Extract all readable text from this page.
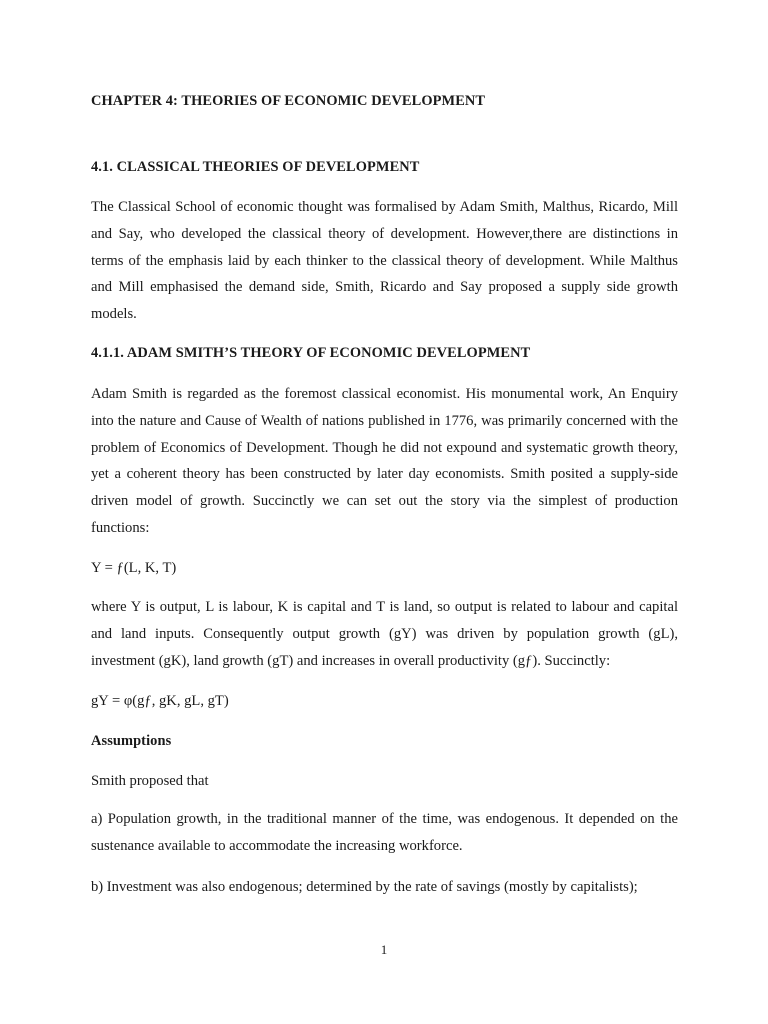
CHAPTER 4: THEORIES OF ECONOMIC DEVELOPMENT
4.1. CLASSICAL THEORIES OF DEVELOPMENT

The Classical School of economic thought was formalised by Adam Smith, Malthus, Ricardo, Mill and Say, who developed the classical theory of development. However,there are distinctions in terms of the emphasis laid by each thinker to the classical theory of development. While Malthus and Mill emphasised the demand side, Smith, Ricardo and Say proposed a supply side growth models.

4.1.1. ADAM SMITH’S THEORY OF ECONOMIC DEVELOPMENT

Adam Smith is regarded as the foremost classical economist. His monumental work, An Enquiry into the nature and Cause of Wealth of nations published in 1776, was primarily concerned with the problem of Economics of Development. Though he did not expound and systematic growth theory, yet a coherent theory has been constructed by later day economists. Smith posited a supply-side driven model of growth. Succinctly we can set out the story via the simplest of production functions:

Y = ƒ(L, K, T)

where Y is output, L is labour, K is capital and T is land, so output is related to labour and capital and land inputs. Consequently output growth (gY) was driven by population growth (gL), investment (gK), land growth (gT) and increases in overall productivity (gƒ). Succinctly:

gY = φ(gƒ, gK, gL, gT)
Assumptions
Smith proposed that

a) Population growth, in the traditional manner of the time, was endogenous. It depended on the sustenance available to accommodate the increasing workforce.

b) Investment was also endogenous; determined by the rate of savings (mostly by capitalists);
1
